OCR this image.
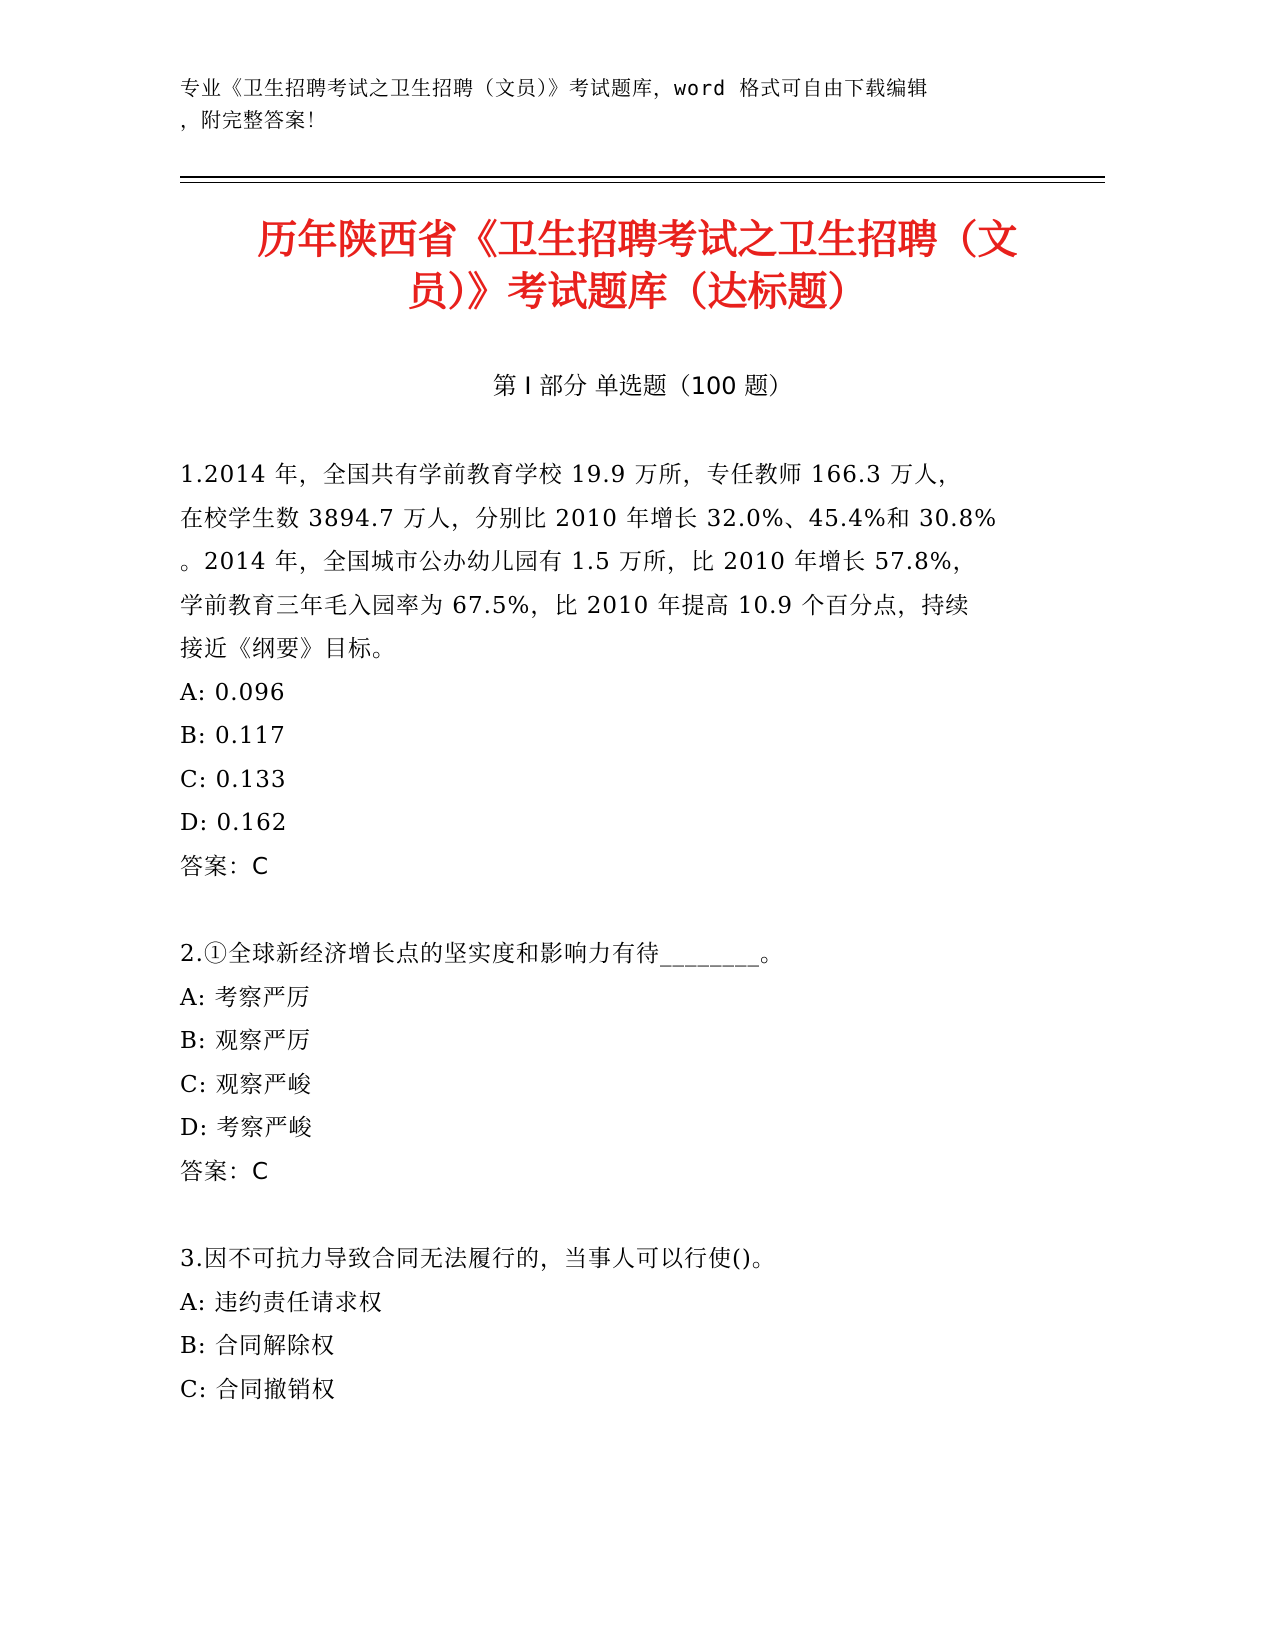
专业《卫生招聘考试之卫生招聘（文员）》考试题库，word 格式可自由下载编辑
，附完整答案！
历年陕西省《卫生招聘考试之卫生招聘（文
员）》考试题库（达标题）
第 I 部分 单选题（100 题）

1.2014 年，全国共有学前教育学校 19.9 万所，专任教师 166.3 万人，

在校学生数 3894.7 万人，分别比 2010 年增长 32.0%、45.4%和 30.8%

。2014 年，全国城市公办幼儿园有 1.5 万所，比 2010 年增长 57.8%，

学前教育三年毛入园率为 67.5%，比 2010 年提高 10.9 个百分点，持续

接近《纲要》目标。

A: 0.096

B: 0.117

C: 0.133

D: 0.162

答案：C

2.①全球新经济增长点的坚实度和影响力有待________。

A: 考察严厉

B: 观察严厉

C: 观察严峻

D: 考察严峻

答案：C

3.因不可抗力导致合同无法履行的，当事人可以行使()。

A: 违约责任请求权

B: 合同解除权

C: 合同撤销权
